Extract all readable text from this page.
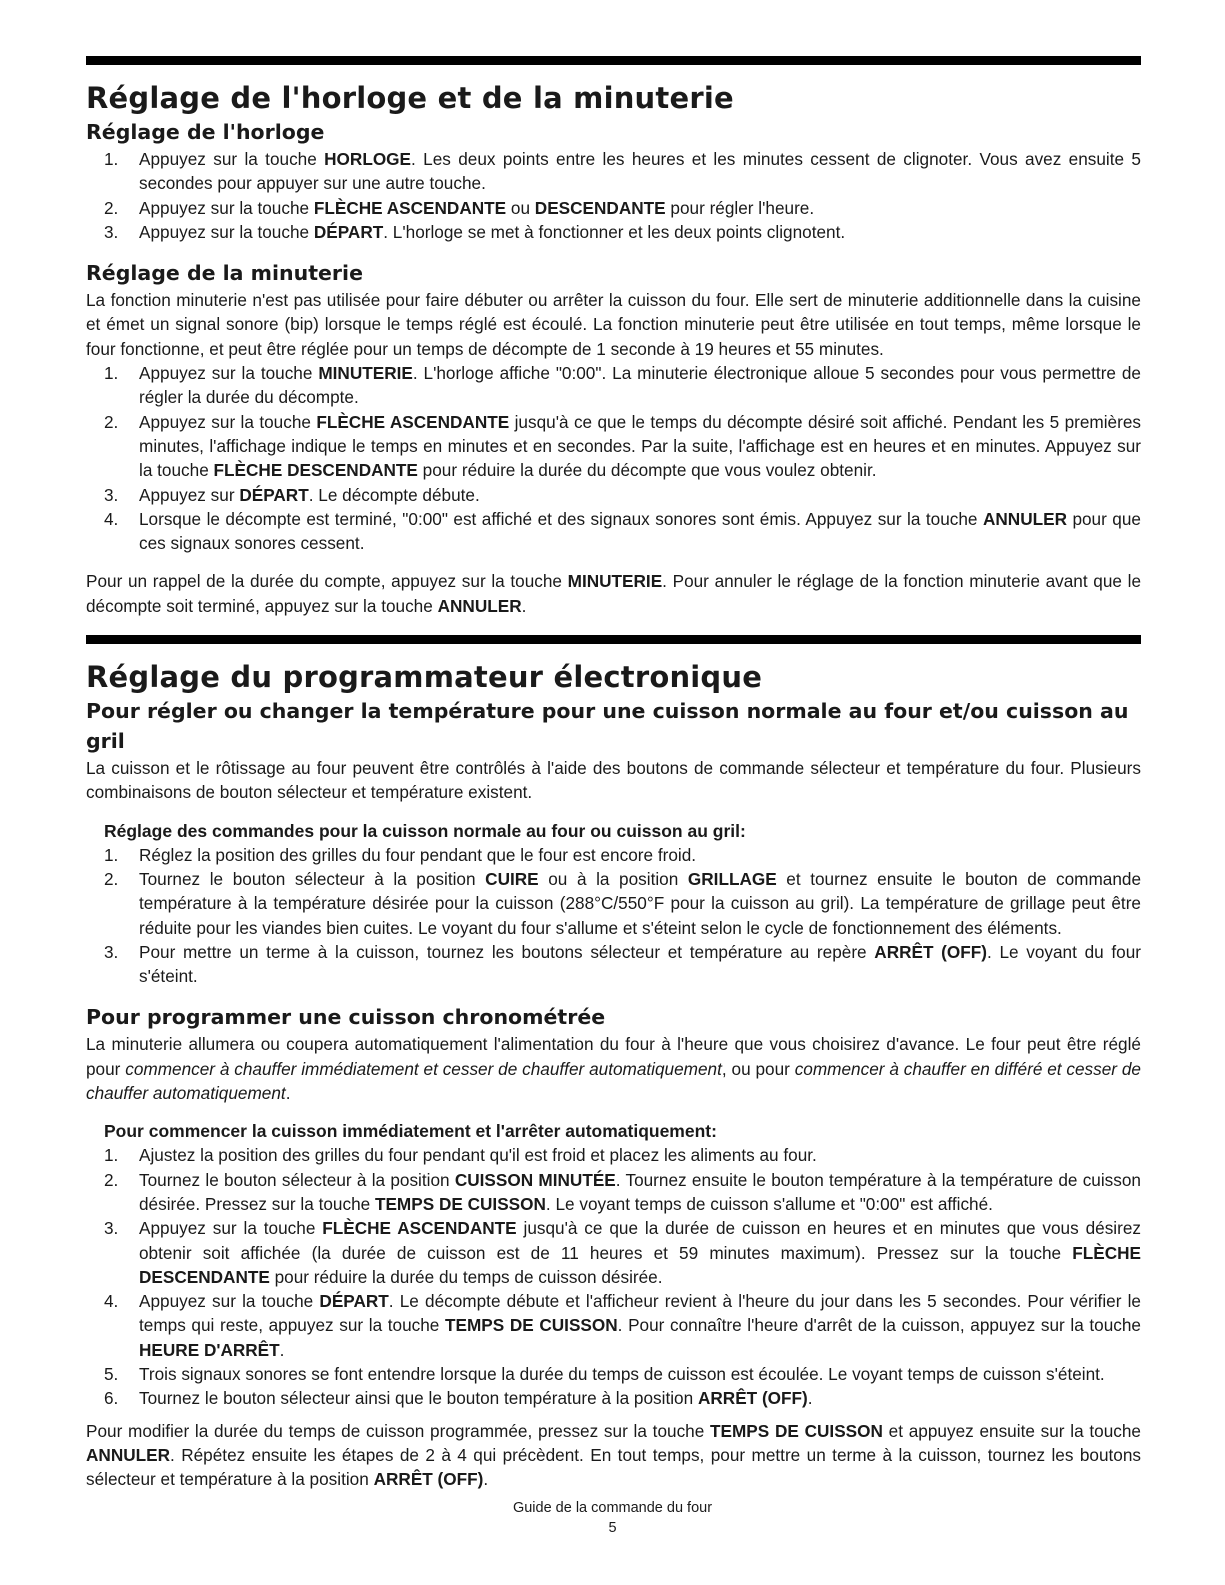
Réglage de l'horloge et de la minuterie
Réglage de l'horloge
1. Appuyez sur la touche HORLOGE. Les deux points entre les heures et les minutes cessent de clignoter. Vous avez ensuite 5 secondes pour appuyer sur une autre touche.
2. Appuyez sur la touche FLÈCHE ASCENDANTE ou DESCENDANTE pour régler l'heure.
3. Appuyez sur la touche DÉPART. L'horloge se met à fonctionner et les deux points clignotent.
Réglage de la minuterie

La fonction minuterie n'est pas utilisée pour faire débuter ou arrêter la cuisson du four. Elle sert de minuterie additionnelle dans la cuisine et émet un signal sonore (bip) lorsque le temps réglé est écoulé. La fonction minuterie peut être utilisée en tout temps, même lorsque le four fonctionne, et peut être réglée pour un temps de décompte de 1 seconde à 19 heures et 55 minutes.

1. Appuyez sur la touche MINUTERIE. L'horloge affiche "0:00". La minuterie électronique alloue 5 secondes pour vous permettre de régler la durée du décompte.
2. Appuyez sur la touche FLÈCHE ASCENDANTE jusqu'à ce que le temps du décompte désiré soit affiché. Pendant les 5 premières minutes, l'affichage indique le temps en minutes et en secondes. Par la suite, l'affichage est en heures et en minutes. Appuyez sur la touche FLÈCHE DESCENDANTE pour réduire la durée du décompte que vous voulez obtenir.
3. Appuyez sur DÉPART. Le décompte débute.
4. Lorsque le décompte est terminé, "0:00" est affiché et des signaux sonores sont émis. Appuyez sur la touche ANNULER pour que ces signaux sonores cessent.

Pour un rappel de la durée du compte, appuyez sur la touche MINUTERIE. Pour annuler le réglage de la fonction minuterie avant que le décompte soit terminé, appuyez sur la touche ANNULER.

Réglage du programmateur électronique
Pour régler ou changer la température pour une cuisson normale au four et/ou cuisson au gril

La cuisson et le rôtissage au four peuvent être contrôlés à l'aide des boutons de commande sélecteur et température du four. Plusieurs combinaisons de bouton sélecteur et température existent.

Réglage des commandes pour la cuisson normale au four ou cuisson au gril:
1. Réglez la position des grilles du four pendant que le four est encore froid.
2. Tournez le bouton sélecteur à la position CUIRE ou à la position GRILLAGE et tournez ensuite le bouton de commande température à la température désirée pour la cuisson (288°C/550°F pour la cuisson au gril). La température de grillage peut être réduite pour les viandes bien cuites. Le voyant du four s'allume et s'éteint selon le cycle de fonctionnement des éléments.
3. Pour mettre un terme à la cuisson, tournez les boutons sélecteur et température au repère ARRÊT (OFF). Le voyant du four s'éteint.
Pour programmer une cuisson chronométrée

La minuterie allumera ou coupera automatiquement l'alimentation du four à l'heure que vous choisirez d'avance. Le four peut être réglé pour commencer à chauffer immédiatement et cesser de chauffer automatiquement, ou pour commencer à chauffer en différé et cesser de chauffer automatiquement.

Pour commencer la cuisson immédiatement et l'arrêter automatiquement:
1. Ajustez la position des grilles du four pendant qu'il est froid et placez les aliments au four.
2. Tournez le bouton sélecteur à la position CUISSON MINUTÉE. Tournez ensuite le bouton température à la température de cuisson désirée. Pressez sur la touche TEMPS DE CUISSON. Le voyant temps de cuisson s'allume et "0:00" est affiché.
3. Appuyez sur la touche FLÈCHE ASCENDANTE jusqu'à ce que la durée de cuisson en heures et en minutes que vous désirez obtenir soit affichée (la durée de cuisson est de 11 heures et 59 minutes maximum). Pressez sur la touche FLÈCHE DESCENDANTE pour réduire la durée du temps de cuisson désirée.
4. Appuyez sur la touche DÉPART. Le décompte débute et l'afficheur revient à l'heure du jour dans les 5 secondes. Pour vérifier le temps qui reste, appuyez sur la touche TEMPS DE CUISSON. Pour connaître l'heure d'arrêt de la cuisson, appuyez sur la touche HEURE D'ARRÊT.
5. Trois signaux sonores se font entendre lorsque la durée du temps de cuisson est écoulée. Le voyant temps de cuisson s'éteint.
6. Tournez le bouton sélecteur ainsi que le bouton température à la position ARRÊT (OFF).

Pour modifier la durée du temps de cuisson programmée, pressez sur la touche TEMPS DE CUISSON et appuyez ensuite sur la touche ANNULER. Répétez ensuite les étapes de 2 à 4 qui précèdent. En tout temps, pour mettre un terme à la cuisson, tournez les boutons sélecteur et température à la position ARRÊT (OFF).

Guide de la commande du four
5
